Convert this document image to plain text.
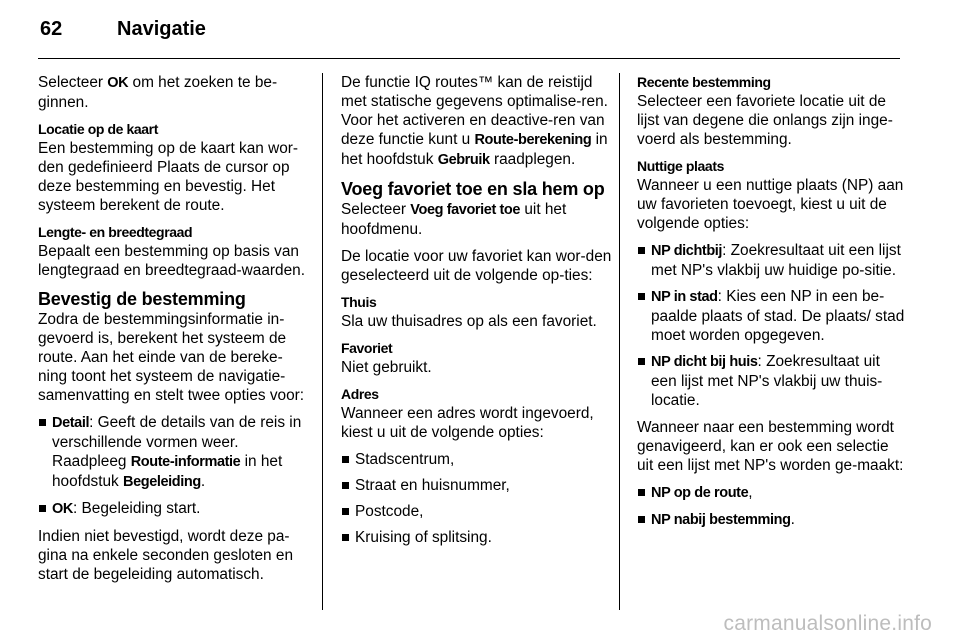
62	Navigatie

Selecteer OK om het zoeken te be-ginnen.

Locatie op de kaart
Een bestemming op de kaart kan wor-den gedefinieerd Plaats de cursor op deze bestemming en bevestig. Het systeem berekent de route.

Lengte- en breedtegraad
Bepaalt een bestemming op basis van lengtegraad en breedtegraad-waarden.

Bevestig de bestemming

Zodra de bestemmingsinformatie in-gevoerd is, berekent het systeem de route. Aan het einde van de bereke-ning toont het systeem de navigatie-samenvatting en stelt twee opties voor:

Detail: Geeft de details van de reis in verschillende vormen weer. Raadpleeg Route-informatie in het hoofdstuk Begeleiding.
OK: Begeleiding start.

Indien niet bevestigd, wordt deze pa-gina na enkele seconden gesloten en start de begeleiding automatisch.

De functie IQ routes™ kan de reistijd met statische gegevens optimalise-ren. Voor het activeren en deactive-ren van deze functie kunt u Route-berekening in het hoofdstuk Gebruik raadplegen.

Voeg favoriet toe en sla hem op

Selecteer Voeg favoriet toe uit het hoofdmenu.

De locatie voor uw favoriet kan wor-den geselecteerd uit de volgende op-ties:

Thuis
Sla uw thuisadres op als een favoriet.

Favoriet
Niet gebruikt.

Adres
Wanneer een adres wordt ingevoerd, kiest u uit de volgende opties:

Stadscentrum,
Straat en huisnummer,
Postcode,
Kruising of splitsing.

Recente bestemming
Selecteer een favoriete locatie uit de lijst van degene die onlangs zijn inge-voerd als bestemming.

Nuttige plaats
Wanneer u een nuttige plaats (NP) aan uw favorieten toevoegt, kiest u uit de volgende opties:

NP dichtbij: Zoekresultaat uit een lijst met NP's vlakbij uw huidige po-sitie.
NP in stad: Kies een NP in een be-paalde plaats of stad. De plaats/ stad moet worden opgegeven.
NP dicht bij huis: Zoekresultaat uit een lijst met NP's vlakbij uw thuis-locatie.

Wanneer naar een bestemming wordt genavigeerd, kan er ook een selectie uit een lijst met NP's worden ge-maakt:

NP op de route,
NP nabij bestemming.
carmanualsonline.info
